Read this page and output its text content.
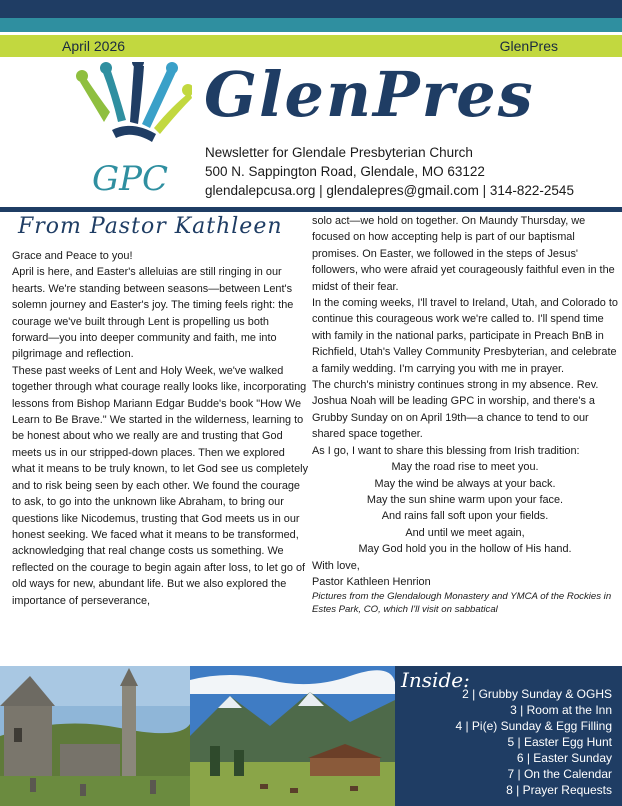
April 2026	GlenPres
GPC
GlenPres
Newsletter for Glendale Presbyterian Church
500 N. Sappington Road, Glendale, MO 63122
glendalepcusa.org | glendalepres@gmail.com | 314-822-2545
From Pastor Kathleen

Grace and Peace to you!

April is here, and Easter's alleluias are still ringing in our hearts. We're standing between seasons—between Lent's solemn journey and Easter's joy. The timing feels right: the courage we've built through Lent is propelling us both forward—you into deeper community and faith, me into pilgrimage and reflection.

These past weeks of Lent and Holy Week, we've walked together through what courage really looks like, incorporating lessons from Bishop Mariann Edgar Budde's book "How We Learn to Be Brave." We started in the wilderness, learning to be honest about who we really are and trusting that God meets us in our stripped-down places. Then we explored what it means to be truly known, to let God see us completely and to risk being seen by each other. We found the courage to ask, to go into the unknown like Abraham, to bring our questions like Nicodemus, trusting that God meets us in our honest seeking. We faced what it means to be transformed, acknowledging that real change costs us something. We reflected on the courage to begin again after loss, to let go of old ways for new, abundant life. But we also explored the importance of perseverance,

solo act—we hold on together. On Maundy Thursday, we focused on how accepting help is part of our baptismal promises. On Easter, we followed in the steps of Jesus' followers, who were afraid yet courageously faithful even in the midst of their fear.

In the coming weeks, I'll travel to Ireland, Utah, and Colorado to continue this courageous work we're called to. I'll spend time with family in the national parks, participate in Preach BnB in Richfield, Utah's Valley Community Presbyterian, and celebrate a family wedding. I'm carrying you with me in prayer.

The church's ministry continues strong in my absence. Rev. Joshua Noah will be leading GPC in worship, and there's a Grubby Sunday on on April 19th—a chance to tend to our shared space together.

As I go, I want to share this blessing from Irish tradition:

May the road rise to meet you.

May the wind be always at your back.

May the sun shine warm upon your face.

And rains fall soft upon your fields.

And until we meet again,

May God hold you in the hollow of His hand.

With love,

Pastor Kathleen Henrion

Pictures from the Glendalough Monastery and YMCA of the Rockies in Estes Park, CO, which I'll visit on sabbatical

Inside:
2 | Grubby Sunday & OGHS
3 | Room at the Inn
4 | Pi(e) Sunday & Egg Filling
5 | Easter Egg Hunt
6 | Easter Sunday
7 | On the Calendar
8 | Prayer Requests
